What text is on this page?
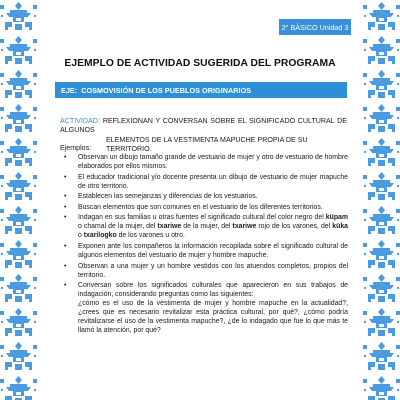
2° BÁSICO Unidad 3
EJEMPLO DE ACTIVIDAD SUGERIDA DEL PROGRAMA
EJE: COSMOVISIÓN DE LOS PUEBLOS ORIGINARIOS
ACTIVIDAD: REFLEXIONAN Y CONVERSAN SOBRE EL SIGNIFICADO CULTURAL DE ALGUNOS
ELEMENTOS DE LA VESTIMENTA MAPUCHE PROPIA DE SU TERRITORIO.
Ejemplos:
• Observan un dibujo tamaño grande de vestuario de mujer y otro de vestuario de hombre elaborados por ellos mismos.
• El educador tradicional y/o docente presenta un dibujo de vestuario de mujer mapuche de otro territorio.
• Establecen las semejanzas y diferencias de los vestuarios.
• Buscan elementos que son comunes en el vestuario de los diferentes territorios.
• Indagan en sus familias u otras fuentes el significado cultural del color negro del küpam o chamal de la mujer, del txariwe de la mujer, del txariwe rojo de los varones, del küka o txarilogko de los varones u otro.
• Exponen ante los compañeros la información recopilada sobre el significado cultural de algunos elementos del vestuario de mujer y hombre mapuche.
• Observan a una mujer y un hombre vestidos con los atuendos completos, propios del territorio.
• Conversan sobre los significados culturales que aparecieron en sus trabajos de indagación, considerando preguntas como las siguientes:
¿cómo es el uso de la vestimenta de mujer y hombre mapuche en la actualidad?, ¿crees que es necesario revitalizar esta práctica cultural, por qué?, ¿cómo podría revitalizarse el uso de la vestimenta mapuche?, ¿de lo indagado que fue lo que más te llamó la atención, por qué?
